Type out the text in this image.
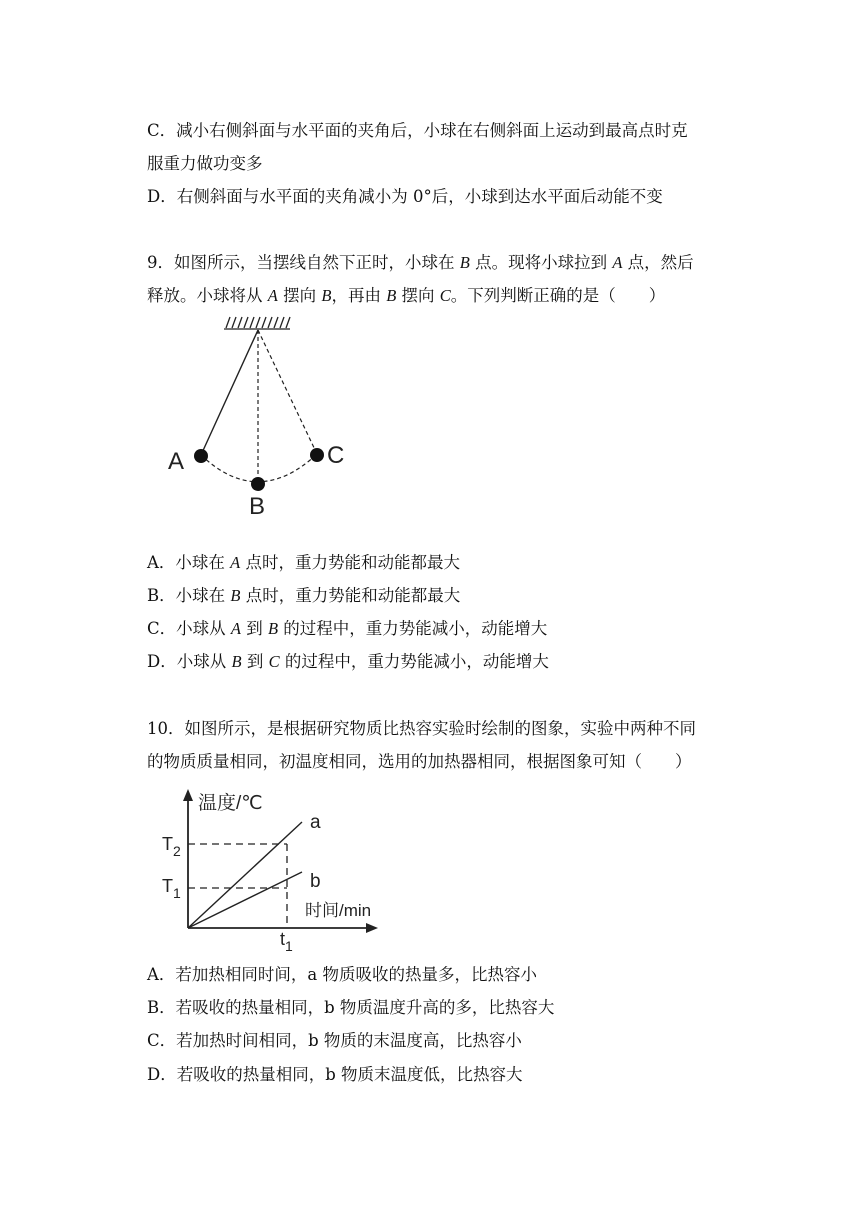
C．减小右侧斜面与水平面的夹角后，小球在右侧斜面上运动到最高点时克
服重力做功变多
D．右侧斜面与水平面的夹角减小为 0°后，小球到达水平面后动能不变
9．如图所示，当摆线自然下正时，小球在 B 点。现将小球拉到 A 点，然后
释放。小球将从 A 摆向 B，再由 B 摆向 C。下列判断正确的是（　　）
A
B
C
A．小球在 A 点时，重力势能和动能都最大
B．小球在 B 点时，重力势能和动能都最大
C．小球从 A 到 B 的过程中，重力势能减小，动能增大
D．小球从 B 到 C 的过程中，重力势能减小，动能增大
10．如图所示，是根据研究物质比热容实验时绘制的图象，实验中两种不同
的物质质量相同，初温度相同，选用的加热器相同，根据图象可知（　　）
温度/℃
时间/min
a
b
$T_2$
$T_1$
$t_1$
A．若加热相同时间，a 物质吸收的热量多，比热容小
B．若吸收的热量相同，b 物质温度升高的多，比热容大
C．若加热时间相同，b 物质的末温度高，比热容小
D．若吸收的热量相同，b 物质末温度低，比热容大
